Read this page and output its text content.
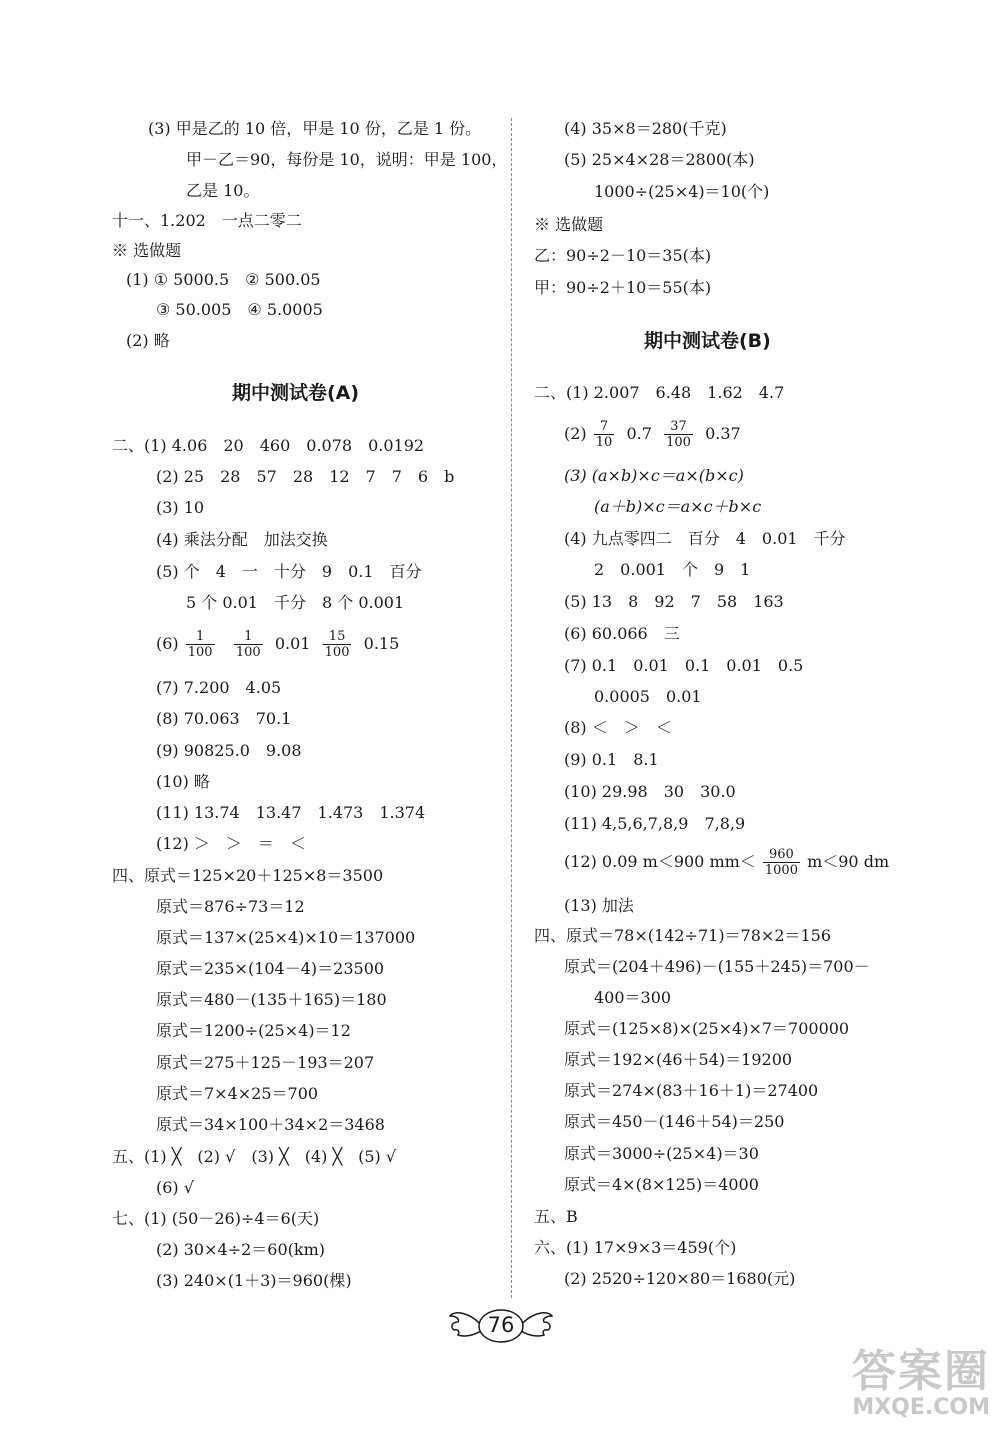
(3) 甲是乙的 10 倍，甲是 10 份，乙是 1 份。
甲－乙＝90，每份是 10，说明：甲是 100，
乙是 10。
十一、1.202　一点二零二
※ 选做题
(1) ① 5000.5　② 500.05
③ 50.005　④ 5.0005
(2) 略
期中测试卷(A)
二、(1) 4.06　20　460　0.078　0.0192
(2) 25　28　57　28　12　7　7　6　b
(3) 10
(4) 乘法分配　加法交换
(5) 个　4　一　十分　9　0.1　百分
5 个 0.01　千分　8 个 0.001
$(6) \frac{1}{100}$
$\frac{1}{100} 0.01 \frac{15}{100} 0.15$
(7) 7.200　4.05
(8) 70.063　70.1
(9) 90825.0　9.08
(10) 略
(11) 13.74　13.47　1.473　1.374
(12) ＞　＞　＝　＜
四、原式＝125×20＋125×8＝3500
原式＝876÷73＝12
原式＝137×(25×4)×10＝137000
原式＝235×(104－4)＝23500
原式＝480－(135＋165)＝180
原式＝1200÷(25×4)＝12
原式＝275＋125－193＝207
原式＝7×4×25＝700
原式＝34×100＋34×2＝3468
五、(1) ╳　(2) √　(3) ╳　(4) ╳　(5) √
(6) √
七、(1) (50－26)÷4＝6(天)
(2) 30×4÷2＝60(km)
(3) 240×(1＋3)＝960(棵)
(4) 35×8＝280(千克)
(5) 25×4×28＝2800(本)
1000÷(25×4)＝10(个)
※ 选做题
乙：90÷2－10＝35(本)
甲：90÷2＋10＝55(本)
期中测试卷(B)
二、(1) 2.007　6.48　1.62　4.7
$(2) \frac{7}{10} 0.7 \frac{37}{100} 0.37$
(3) (a×b)×c＝a×(b×c)
(a＋b)×c＝a×c＋b×c
(4) 九点零四二　百分　4　0.01　千分
2　0.001　个　9　1
(5) 13　8　92　7　58　163
(6) 60.066　三
(7) 0.1　0.01　0.1　0.01　0.5
0.0005　0.01
(8) ＜　＞　＜
(9) 0.1　8.1
(10) 29.98　30　30.0
(11) 4,5,6,7,8,9　7,8,9
(12) 0.09 m＜900 $mm< \frac{960}{1000} m<90$ dm
(13) 加法
四、原式＝78×(142÷71)＝78×2＝156
原式＝(204＋496)－(155＋245)＝700－
400＝300
原式＝(125×8)×(25×4)×7＝700000
原式＝192×(46＋54)＝19200
原式＝274×(83＋16＋1)＝27400
原式＝450－(146＋54)＝250
原式＝3000÷(25×4)＝30
原式＝4×(8×125)＝4000
五、B
六、(1) 17×9×3＝459(个)
(2) 2520÷120×80＝1680(元)
76
答案圈
MXQE.COM
